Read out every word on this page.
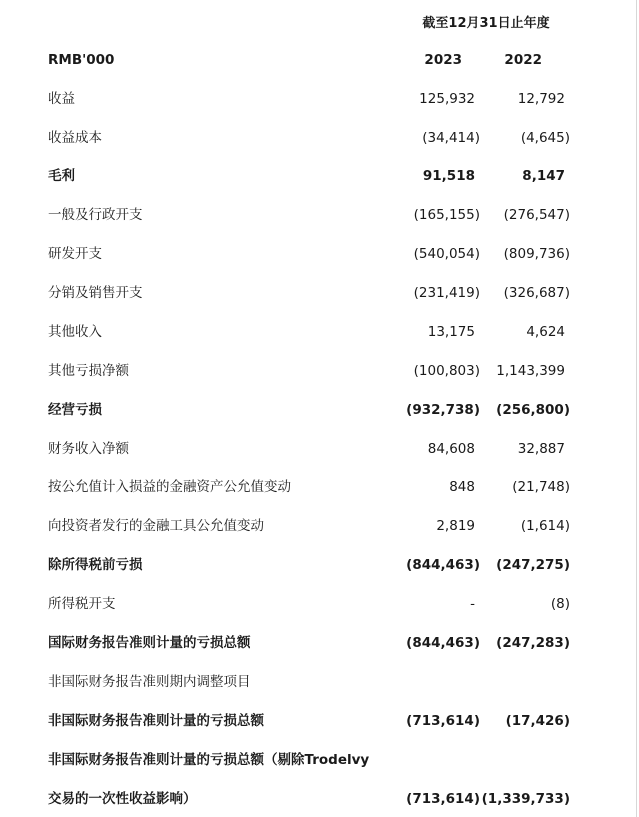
截至12月31日止年度
RMB'000	2023	2022
收益	125,932	12,792
收益成本	(34,414)	(4,645)
毛利	91,518	8,147
一般及行政开支	(165,155) (276,547)
研发开支	(540,054) (809,736)
分销及销售开支	(231,419) (326,687)
其他收入	13,175	4,624
其他亏损净额	(100,803) 1,143,399
经营亏损	(932,738) (256,800)
财务收入净额	84,608	32,887
按公允值计入损益的金融资产公允值变动	848	(21,748)
向投资者发行的金融工具公允值变动	2,819	(1,614)
除所得税前亏损	(844,463) (247,275)
所得税开支	-	(8)
国际财务报告准则计量的亏损总额	(844,463) (247,283)
非国际财务报告准则期内调整项目
非国际财务报告准则计量的亏损总额	(713,614) (17,426)
非国际财务报告准则计量的亏损总额（剔除Trodelvy
交易的一次性收益影响）	(713,614) (1,339,733)
